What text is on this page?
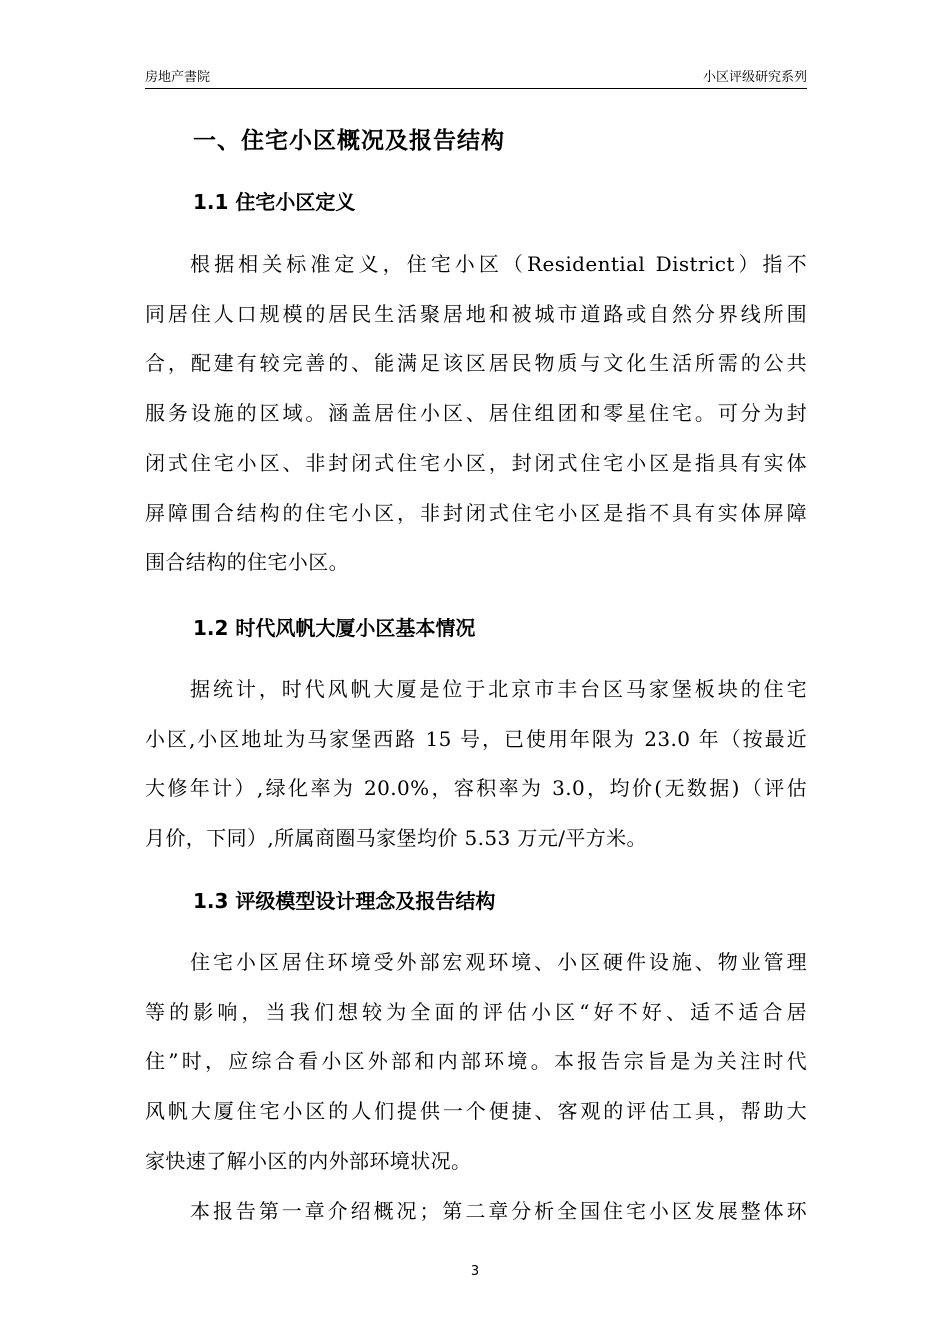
房地产書院	小区评级研究系列
一、住宅小区概况及报告结构
1.1 住宅小区定义
根据相关标准定义，住宅小区（Residential District）指不
同居住人口规模的居民生活聚居地和被城市道路或自然分界线所围
合，配建有较完善的、能满足该区居民物质与文化生活所需的公共
服务设施的区域。涵盖居住小区、居住组团和零星住宅。可分为封
闭式住宅小区、非封闭式住宅小区，封闭式住宅小区是指具有实体
屏障围合结构的住宅小区，非封闭式住宅小区是指不具有实体屏障
围合结构的住宅小区。
1.2 时代风帆大厦小区基本情况
据统计，时代风帆大厦是位于北京市丰台区马家堡板块的住宅
小区,小区地址为马家堡西路 15 号，已使用年限为 23.0 年（按最近
大修年计）,绿化率为 20.0%，容积率为 3.0，均价(无数据)（评估
月价，下同）,所属商圈马家堡均价 5.53 万元/平方米。
1.3 评级模型设计理念及报告结构
住宅小区居住环境受外部宏观环境、小区硬件设施、物业管理
等的影响，当我们想较为全面的评估小区“好不好、适不适合居
住”时，应综合看小区外部和内部环境。本报告宗旨是为关注时代
风帆大厦住宅小区的人们提供一个便捷、客观的评估工具，帮助大
家快速了解小区的内外部环境状况。
本报告第一章介绍概况；第二章分析全国住宅小区发展整体环
3
